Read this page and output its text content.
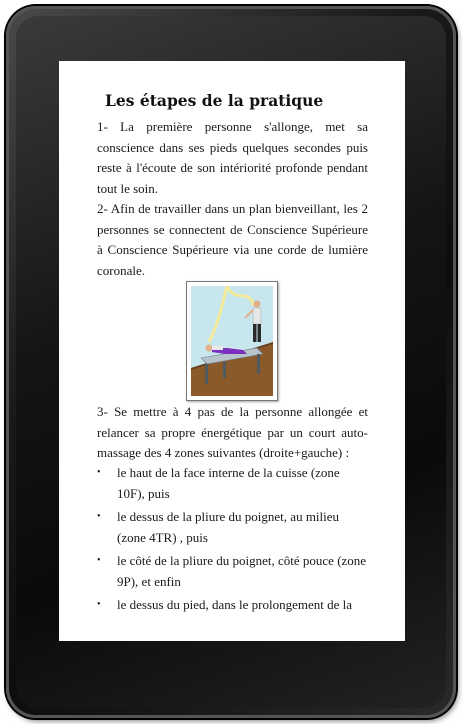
Les étapes de la pratique

1- La première personne s'allonge, met sa conscience dans ses pieds quelques secondes puis reste à l'écoute de son intériorité profonde pendant tout le soin.

2- Afin de travailler dans un plan bienveillant, les 2 personnes se connectent de Conscience Supérieure à Conscience Supérieure via une corde de lumière coronale.

3- Se mettre à 4 pas de la personne allongée et relancer sa propre énergétique par un court auto-massage des 4 zones suivantes (droite+gauche) :

• le haut de la face interne de la cuisse (zone 10F), puis
• le dessus de la pliure du poignet, au milieu (zone 4TR) , puis
• le côté de la pliure du poignet, côté pouce (zone 9P), et enfin
• le dessus du pied, dans le prolongement de la
